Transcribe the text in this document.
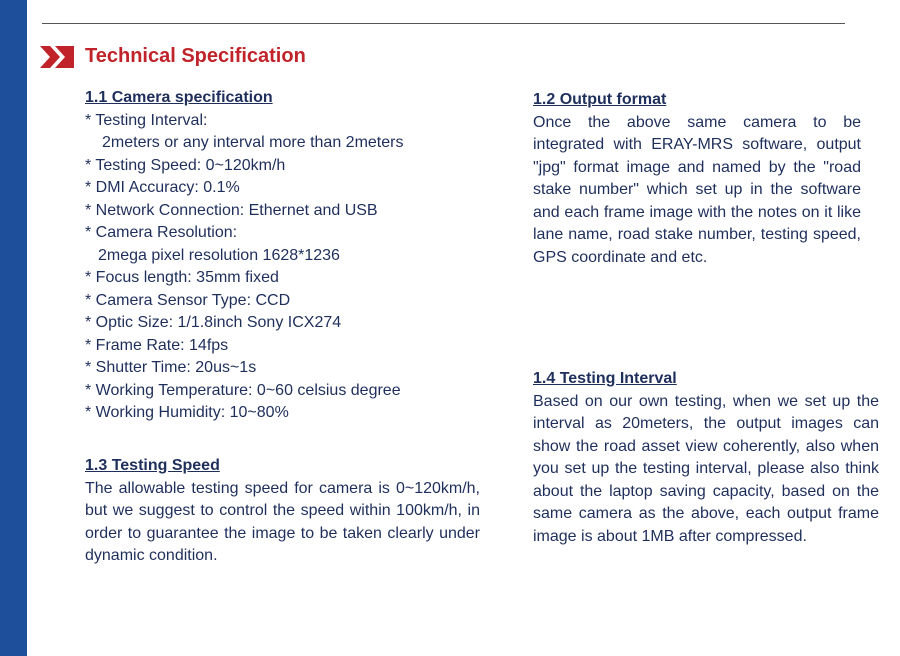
Technical Specification
1.1 Camera specification
* Testing Interval:
2meters or any interval more than 2meters
* Testing Speed: 0~120km/h
* DMI Accuracy: 0.1%
* Network Connection: Ethernet and USB
* Camera Resolution:
2mega pixel resolution 1628*1236
* Focus length: 35mm fixed
* Camera Sensor Type: CCD
* Optic Size: 1/1.8inch Sony ICX274
* Frame Rate: 14fps
* Shutter Time: 20us~1s
* Working Temperature: 0~60 celsius degree
* Working Humidity: 10~80%
1.3 Testing Speed
The allowable testing speed for camera is 0~120km/h, but we suggest to control the speed within 100km/h, in order to guarantee the image to be taken clearly under dynamic condition.
1.2 Output format
Once the above same camera to be integrated with ERAY-MRS software, output "jpg" format image and named by the "road stake number" which set up in the software and each frame image with the notes on it like lane name, road stake number, testing speed, GPS coordinate and etc.
1.4 Testing Interval
Based on our own testing, when we set up the interval as 20meters, the output images can show the road asset view coherently, also when you set up the testing interval, please also think about the laptop saving capacity, based on the same camera as the above, each output frame image is about 1MB after compressed.
